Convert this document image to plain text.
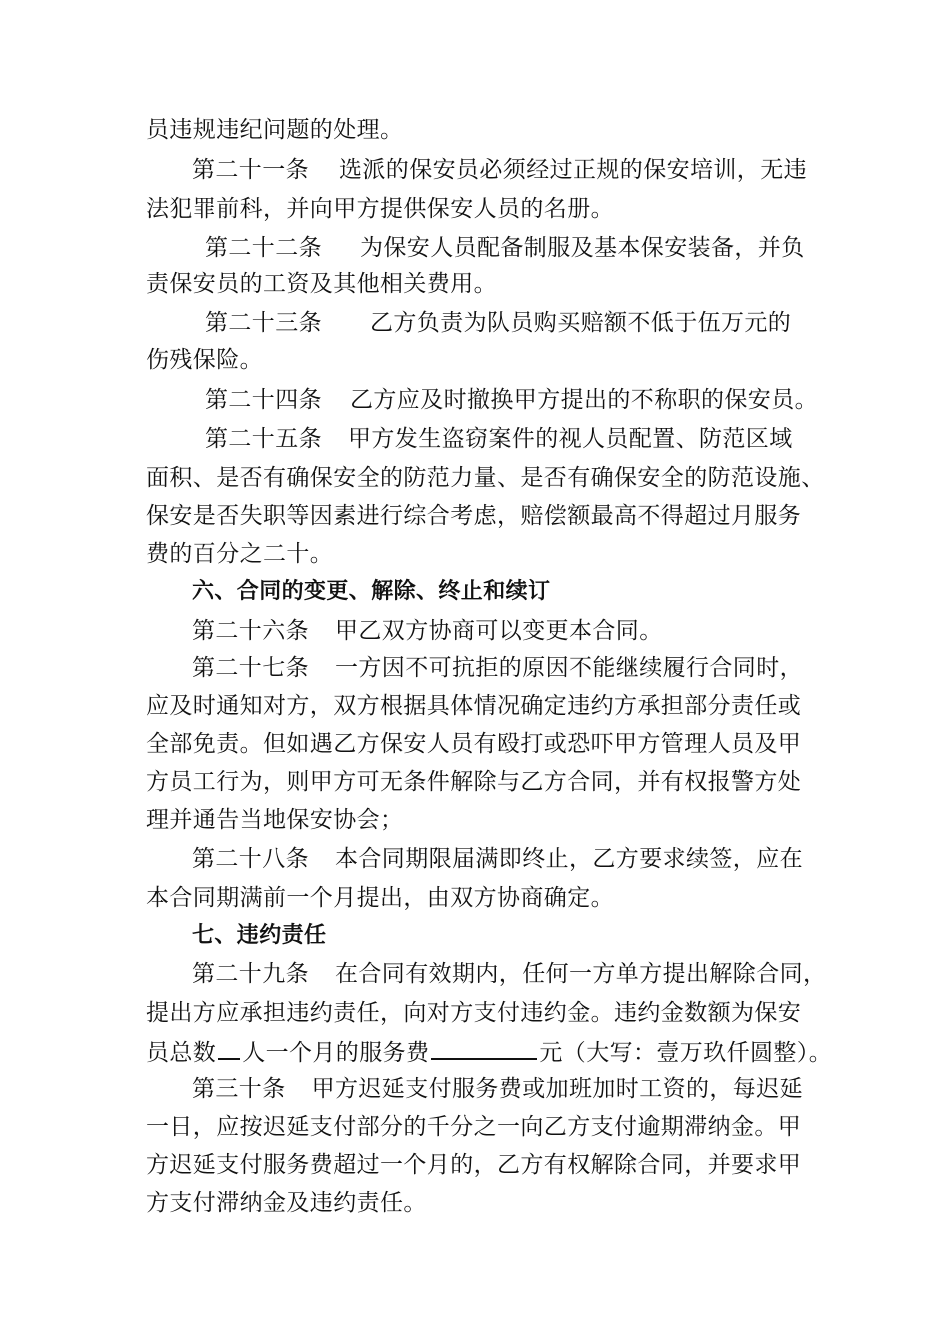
员违规违纪问题的处理。
第二十一条 选派的保安员必须经过正规的保安培训，无违
法犯罪前科，并向甲方提供保安人员的名册。
第二十二条 为保安人员配备制服及基本保安装备，并负
责保安员的工资及其他相关费用。
第二十三条 乙方负责为队员购买赔额不低于伍万元的
伤残保险。
第二十四条 乙方应及时撤换甲方提出的不称职的保安员。
第二十五条 甲方发生盗窃案件的视人员配置、防范区域
面积、是否有确保安全的防范力量、是否有确保安全的防范设施、
保安是否失职等因素进行综合考虑，赔偿额最高不得超过月服务
费的百分之二十。
六、合同的变更、解除、终止和续订
第二十六条 甲乙双方协商可以变更本合同。
第二十七条 一方因不可抗拒的原因不能继续履行合同时，
应及时通知对方，双方根据具体情况确定违约方承担部分责任或
全部免责。但如遇乙方保安人员有殴打或恐吓甲方管理人员及甲
方员工行为，则甲方可无条件解除与乙方合同，并有权报警方处
理并通告当地保安协会；
第二十八条 本合同期限届满即终止，乙方要求续签，应在
本合同期满前一个月提出，由双方协商确定。
七、违约责任
第二十九条 在合同有效期内，任何一方单方提出解除合同，
提出方应承担违约责任，向对方支付违约金。违约金数额为保安
员总数 人一个月的服务费	元（大写：壹万玖仟圆整）。
第三十条 甲方迟延支付服务费或加班加时工资的，每迟延
一日，应按迟延支付部分的千分之一向乙方支付逾期滞纳金。甲
方迟延支付服务费超过一个月的，乙方有权解除合同，并要求甲
方支付滞纳金及违约责任。
